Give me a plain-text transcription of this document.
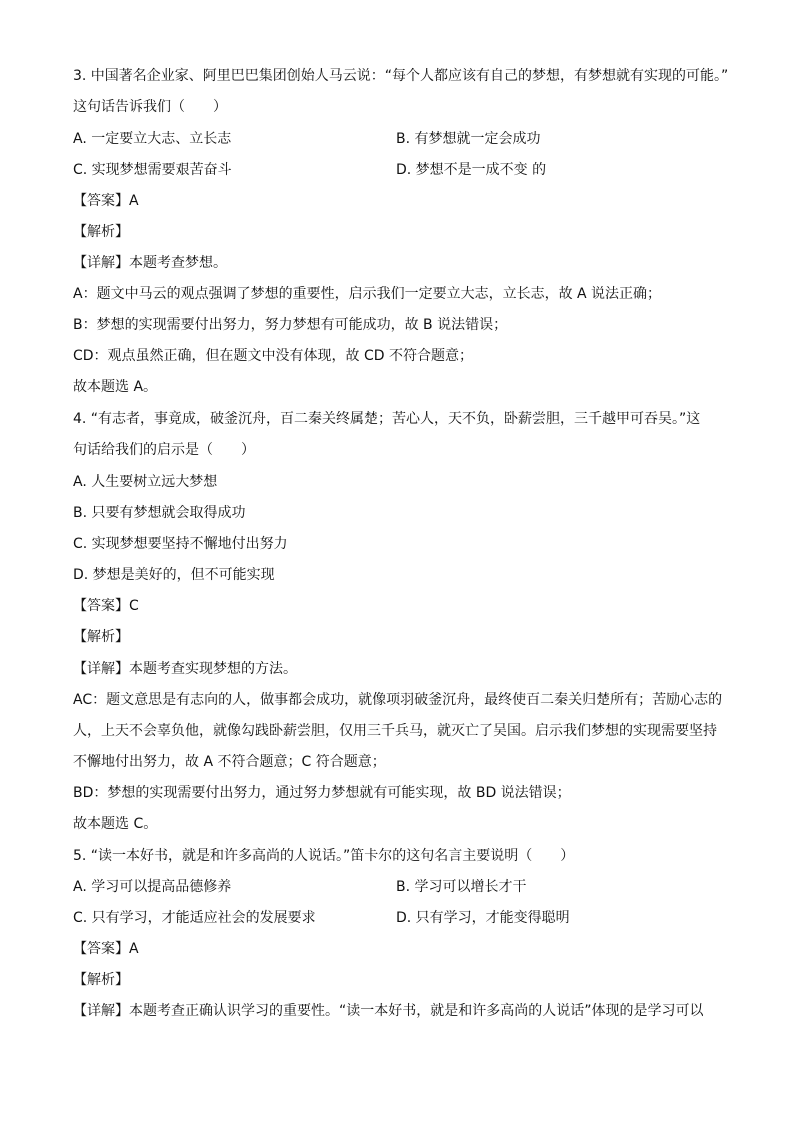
3. 中国著名企业家、阿里巴巴集团创始人马云说：“每个人都应该有自己的梦想，有梦想就有实现的可能。”
这句话告诉我们（　　）
A. 一定要立大志、立长志	B. 有梦想就一定会成功
C. 实现梦想需要艰苦奋斗	D. 梦想不是一成不变 的
【答案】A
【解析】
【详解】本题考查梦想。
A：题文中马云的观点强调了梦想的重要性，启示我们一定要立大志，立长志，故 A 说法正确；
B：梦想的实现需要付出努力，努力梦想有可能成功，故 B 说法错误；
CD：观点虽然正确，但在题文中没有体现，故 CD 不符合题意；
故本题选 A。
4. “有志者，事竟成，破釜沉舟，百二秦关终属楚；苦心人，天不负，卧薪尝胆，三千越甲可吞吴。”这
句话给我们的启示是（　　）
A. 人生要树立远大梦想
B. 只要有梦想就会取得成功
C. 实现梦想要坚持不懈地付出努力
D. 梦想是美好的，但不可能实现
【答案】C
【解析】
【详解】本题考查实现梦想的方法。
AC：题文意思是有志向的人，做事都会成功，就像项羽破釜沉舟，最终使百二秦关归楚所有；苦励心志的
人，上天不会辜负他，就像勾践卧薪尝胆，仅用三千兵马，就灭亡了吴国。启示我们梦想的实现需要坚持
不懈地付出努力，故 A 不符合题意；C 符合题意；
BD：梦想的实现需要付出努力，通过努力梦想就有可能实现，故 BD 说法错误；
故本题选 C。
5. “读一本好书，就是和许多高尚的人说话。”笛卡尔的这句名言主要说明（　　）
A. 学习可以提高品德修养	B. 学习可以增长才干
C. 只有学习，才能适应社会的发展要求	D. 只有学习，才能变得聪明
【答案】A
【解析】
【详解】本题考查正确认识学习的重要性。“读一本好书，就是和许多高尚的人说话”体现的是学习可以
